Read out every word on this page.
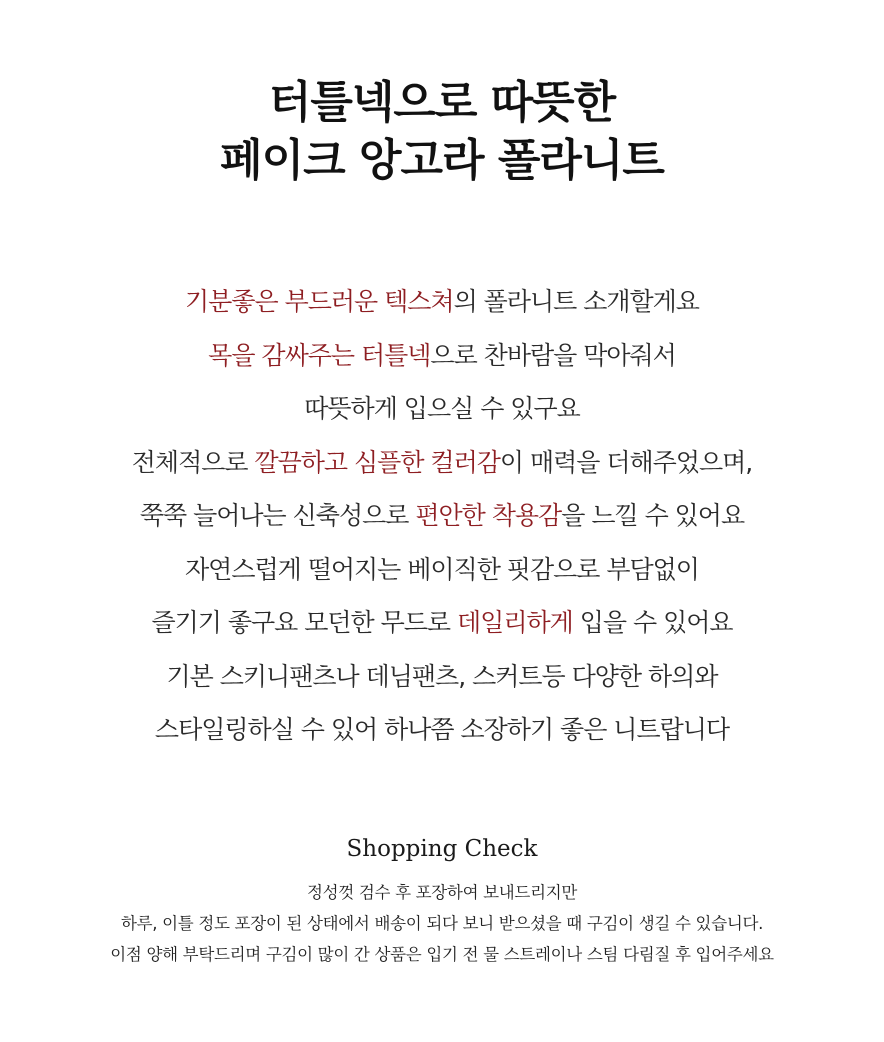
터틀넥으로 따뜻한
페이크 앙고라 폴라니트
기분좋은 부드러운 텍스쳐의 폴라니트 소개할게요
목을 감싸주는 터틀넥으로 찬바람을 막아줘서
따뜻하게 입으실 수 있구요
전체적으로 깔끔하고 심플한 컬러감이 매력을 더해주었으며,
쭉쭉 늘어나는 신축성으로 편안한 착용감을 느낄 수 있어요
자연스럽게 떨어지는 베이직한 핏감으로 부담없이
즐기기 좋구요 모던한 무드로 데일리하게 입을 수 있어요
기본 스키니팬츠나 데님팬츠, 스커트등 다양한 하의와
스타일링하실 수 있어 하나쯤 소장하기 좋은 니트랍니다
Shopping Check
정성껏 검수 후 포장하여 보내드리지만
하루, 이틀 정도 포장이 된 상태에서 배송이 되다 보니 받으셨을 때 구김이 생길 수 있습니다.
이점 양해 부탁드리며 구김이 많이 간 상품은 입기 전 물 스트레이나 스팀 다림질 후 입어주세요
